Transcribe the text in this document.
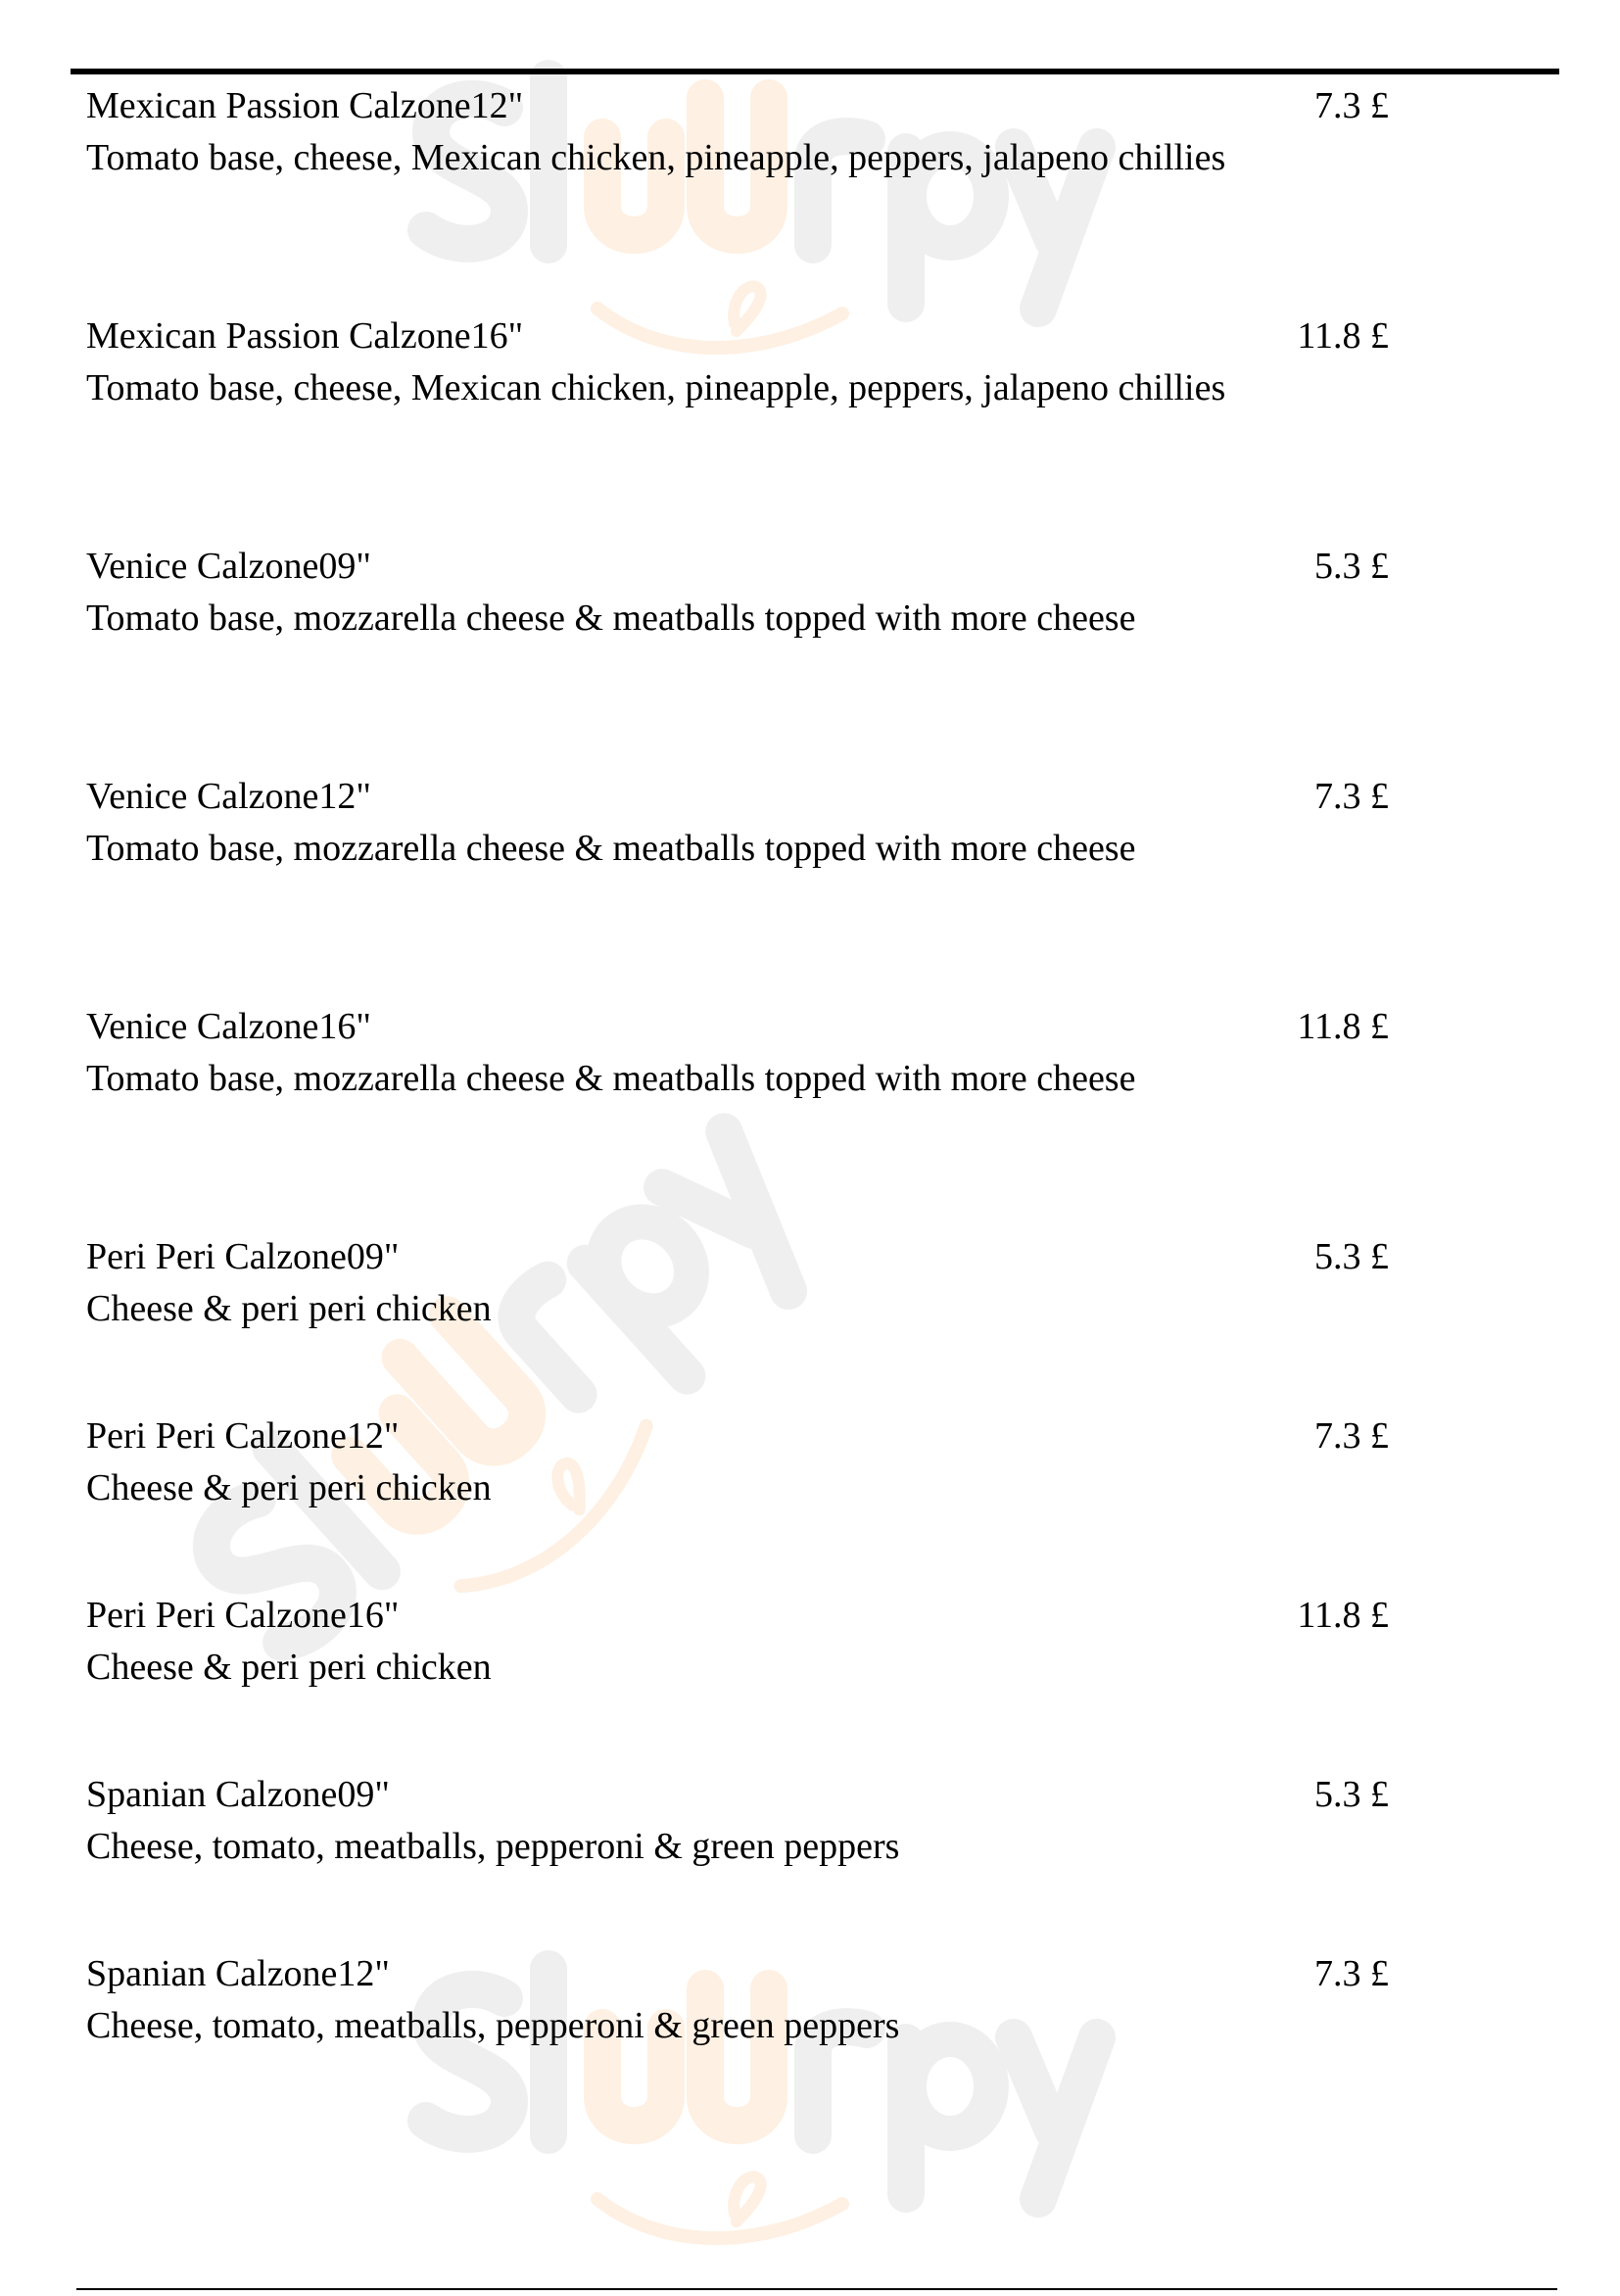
Mexican Passion Calzone12"
Tomato base, cheese, Mexican chicken, pineapple, peppers, jalapeno chillies
7.3 £
Mexican Passion Calzone16"
Tomato base, cheese, Mexican chicken, pineapple, peppers, jalapeno chillies
11.8 £
Venice Calzone09"
Tomato base, mozzarella cheese & meatballs topped with more cheese
5.3 £
Venice Calzone12"
Tomato base, mozzarella cheese & meatballs topped with more cheese
7.3 £
Venice Calzone16"
Tomato base, mozzarella cheese & meatballs topped with more cheese
11.8 £
Peri Peri Calzone09"
Cheese & peri peri chicken
5.3 £
Peri Peri Calzone12"
Cheese & peri peri chicken
7.3 £
Peri Peri Calzone16"
Cheese & peri peri chicken
11.8 £
Spanian Calzone09"
Cheese, tomato, meatballs, pepperoni & green peppers
5.3 £
Spanian Calzone12"
Cheese, tomato, meatballs, pepperoni & green peppers
7.3 £
